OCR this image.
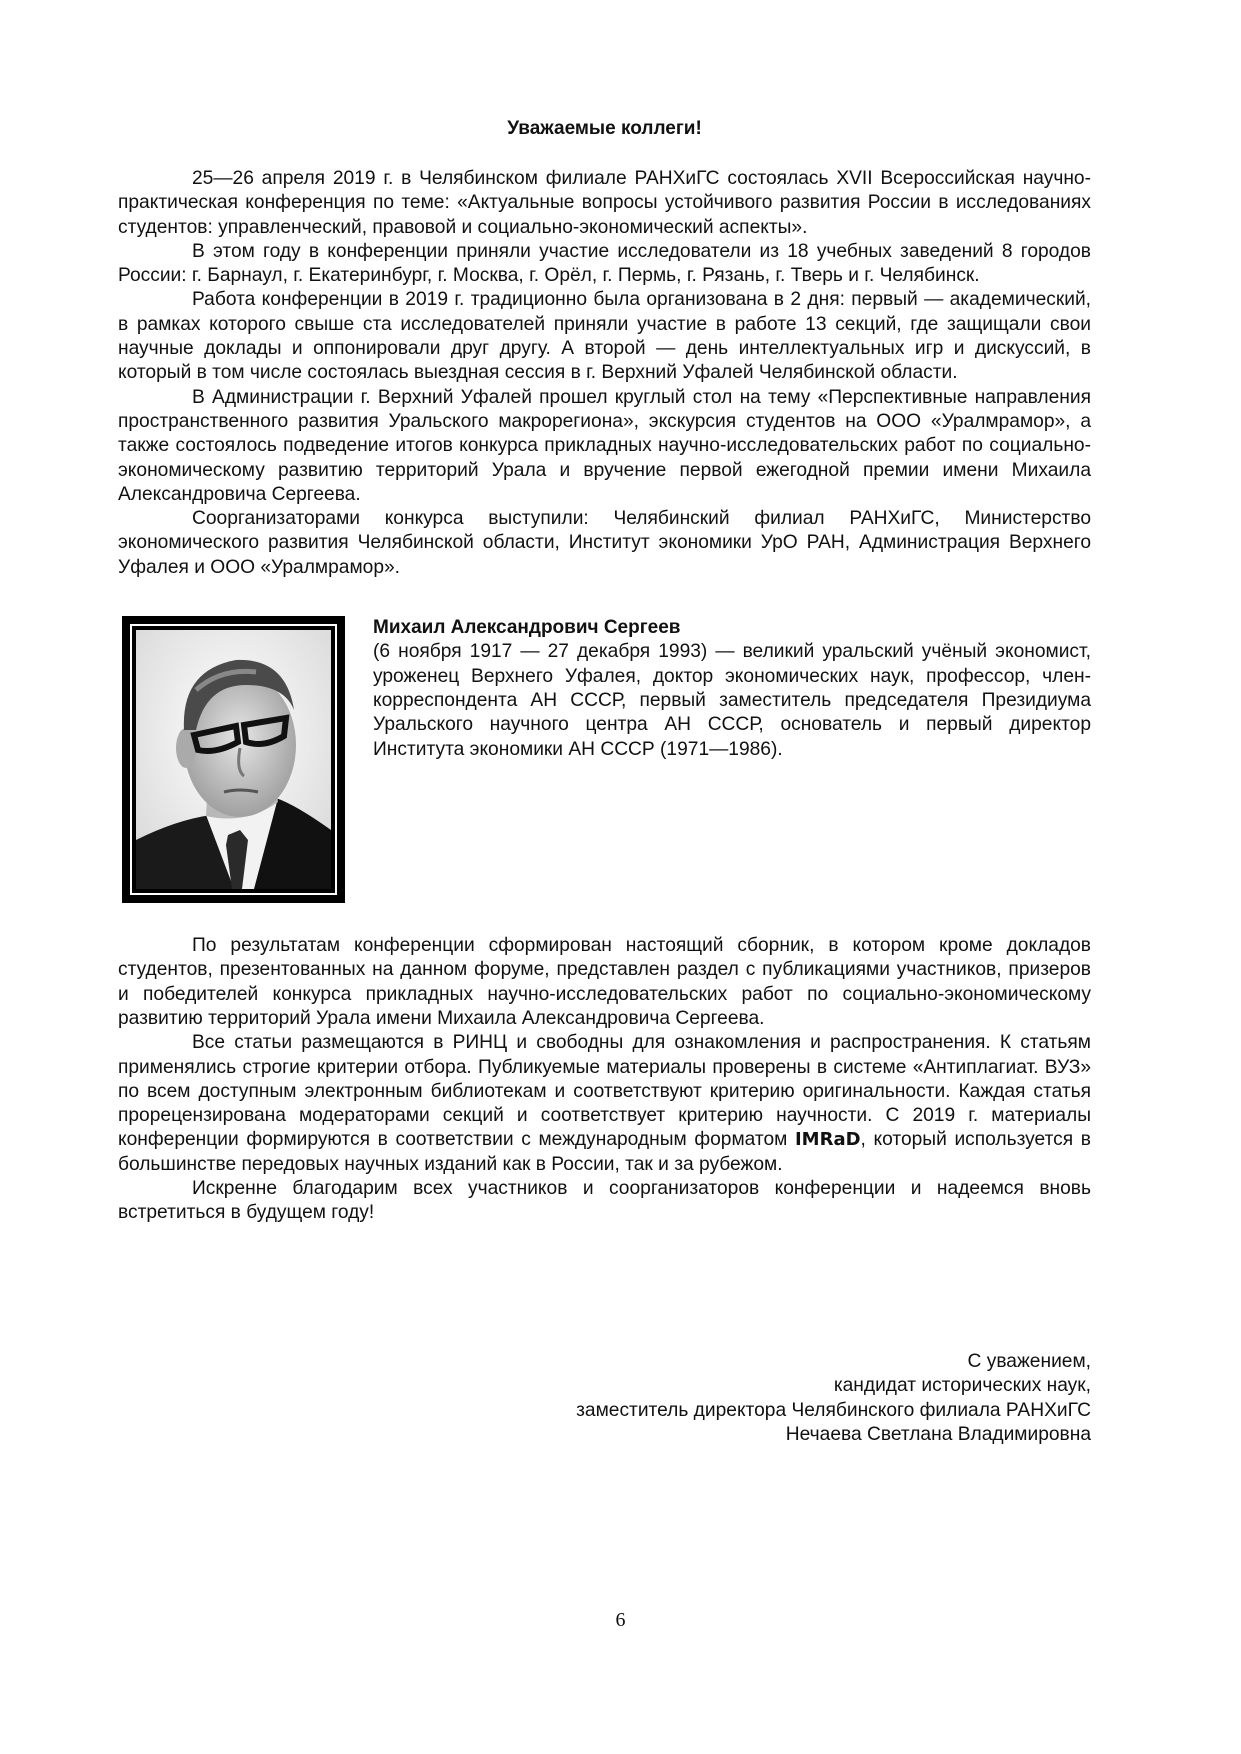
Уважаемые коллеги!

25—26 апреля 2019 г. в Челябинском филиале РАНХиГС состоялась XVII Всероссийская научно-практическая конференция по теме: «Актуальные вопросы устойчивого развития России в исследованиях студентов: управленческий, правовой и социально-экономический аспекты».

В этом году в конференции приняли участие исследователи из 18 учебных заведений 8 городов России: г. Барнаул, г. Екатеринбург, г. Москва, г. Орёл, г. Пермь, г. Рязань, г. Тверь и г. Челябинск.

Работа конференции в 2019 г. традиционно была организована в 2 дня: первый — академический, в рамках которого свыше ста исследователей приняли участие в работе 13 секций, где защищали свои научные доклады и оппонировали друг другу. А второй — день интеллектуальных игр и дискуссий, в который в том числе состоялась выездная сессия в г. Верхний Уфалей Челябинской области.

В Администрации г. Верхний Уфалей прошел круглый стол на тему «Перспективные направления пространственного развития Уральского макрорегиона», экскурсия студентов на ООО «Уралмрамор», а также состоялось подведение итогов конкурса прикладных научно-исследовательских работ по социально-экономическому развитию территорий Урала и вручение первой ежегодной премии имени Михаила Александровича Сергеева.

Соорганизаторами конкурса выступили: Челябинский филиал РАНХиГС, Министерство экономического развития Челябинской области, Институт экономики УрО РАН, Администрация Верхнего Уфалея и ООО «Уралмрамор».

Михаил Александрович Сергеев

(6 ноября 1917 — 27 декабря 1993) — великий уральский учёный экономист, уроженец Верхнего Уфалея, доктор экономических наук, профессор, член-корреспондента АН СССР, первый заместитель председателя Президиума Уральского научного центра АН СССР, основатель и первый директор Института экономики АН СССР (1971—1986).

По результатам конференции сформирован настоящий сборник, в котором кроме докладов студентов, презентованных на данном форуме, представлен раздел с публикациями участников, призеров и победителей конкурса прикладных научно-исследовательских работ по социально-экономическому развитию территорий Урала имени Михаила Александровича Сергеева.

Все статьи размещаются в РИНЦ и свободны для ознакомления и распространения. К статьям применялись строгие критерии отбора. Публикуемые материалы проверены в системе «Антиплагиат. ВУЗ» по всем доступным электронным библиотекам и соответствуют критерию оригинальности. Каждая статья прорецензирована модераторами секций и соответствует критерию научности. С 2019 г. материалы конференции формируются в соответствии с международным форматом IMRaD, который используется в большинстве передовых научных изданий как в России, так и за рубежом.

Искренне благодарим всех участников и соорганизаторов конференции и надеемся вновь встретиться в будущем году!

С уважением,
кандидат исторических наук,
заместитель директора Челябинского филиала РАНХиГС
Нечаева Светлана Владимировна
6
